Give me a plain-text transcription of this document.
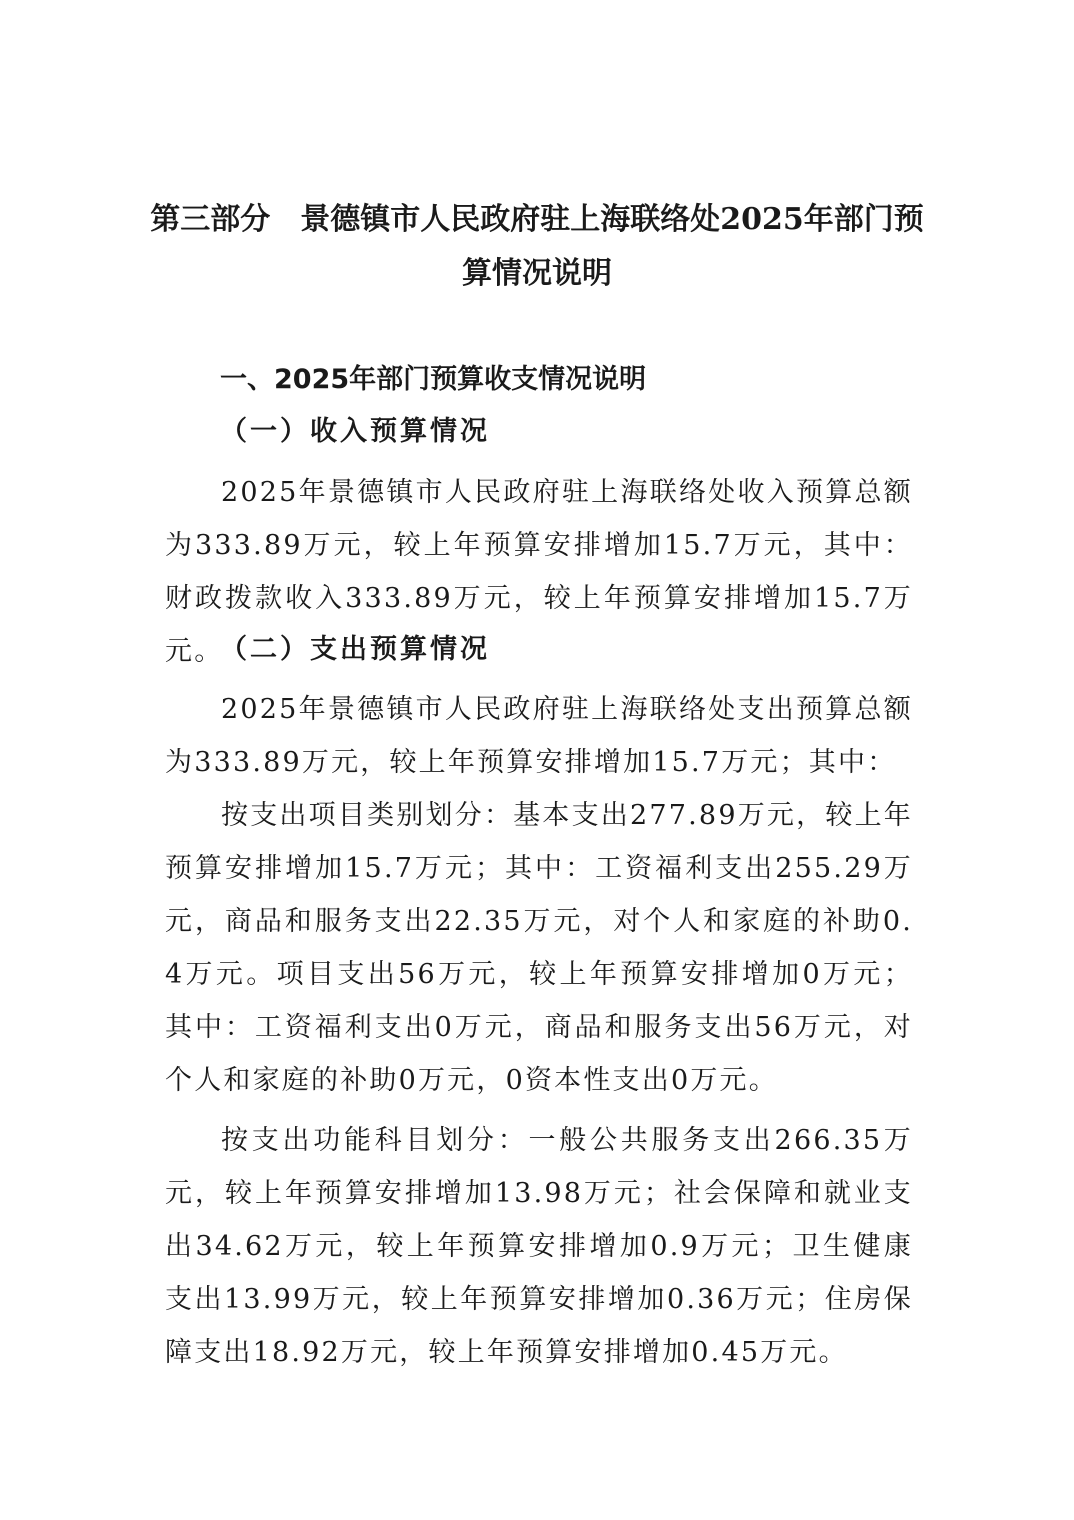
第三部分　景德镇市人民政府驻上海联络处2025年部门预
算情况说明
一、2025年部门预算收支情况说明
（一）收入预算情况

2025年景德镇市人民政府驻上海联络处收入预算总额为333.89万元，较上年预算安排增加15.7万元，其中：财政拨款收入333.89万元，较上年预算安排增加15.7万元。

（二）支出预算情况

2025年景德镇市人民政府驻上海联络处支出预算总额为333.89万元，较上年预算安排增加15.7万元；其中：

按支出项目类别划分：基本支出277.89万元，较上年预算安排增加15.7万元；其中：工资福利支出255.29万元，商品和服务支出22.35万元，对个人和家庭的补助0.4万元。项目支出56万元，较上年预算安排增加0万元；其中：工资福利支出0万元，商品和服务支出56万元，对个人和家庭的补助0万元，0资本性支出0万元。

按支出功能科目划分：一般公共服务支出266.35万元，较上年预算安排增加13.98万元；社会保障和就业支出34.62万元，较上年预算安排增加0.9万元；卫生健康支出13.99万元，较上年预算安排增加0.36万元；住房保障支出18.92万元，较上年预算安排增加0.45万元。
